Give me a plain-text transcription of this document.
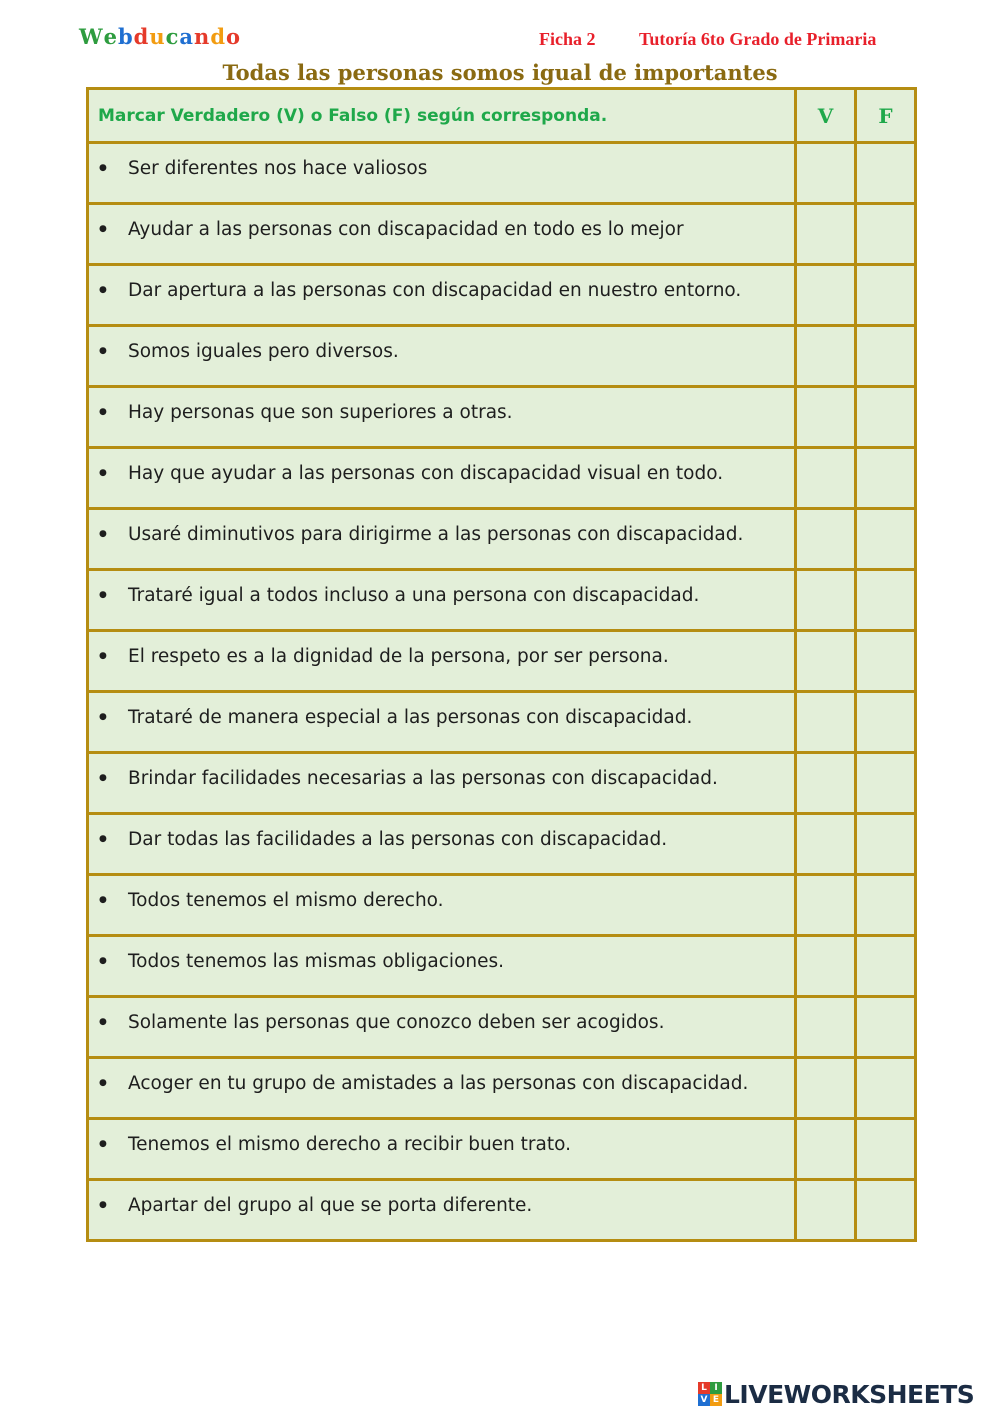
Webducando	Ficha 2 Tutoría 6to Grado de Primaria
Todas las personas somos igual de importantes
Marcar Verdadero (V) o Falso (F) según corresponda.	V	F

● Ser diferentes nos hace valiosos		

● Ayudar a las personas con discapacidad en todo es lo mejor		

● Dar apertura a las personas con discapacidad en nuestro entorno.		

● Somos iguales pero diversos.		

● Hay personas que son superiores a otras.		

● Hay que ayudar a las personas con discapacidad visual en todo.		

● Usaré diminutivos para dirigirme a las personas con discapacidad.		

● Trataré igual a todos incluso a una persona con discapacidad.		

● El respeto es a la dignidad de la persona, por ser persona.		

● Trataré de manera especial a las personas con discapacidad.		

● Brindar facilidades necesarias a las personas con discapacidad.		

● Dar todas las facilidades a las personas con discapacidad.		

● Todos tenemos el mismo derecho.		

● Todos tenemos las mismas obligaciones.		

● Solamente las personas que conozco deben ser acogidos.		

● Acoger en tu grupo de amistades a las personas con discapacidad.		

● Tenemos el mismo derecho a recibir buen trato.		

● Apartar del grupo al que se porta diferente.		
L I
V E LIVEWORKSHEETS
